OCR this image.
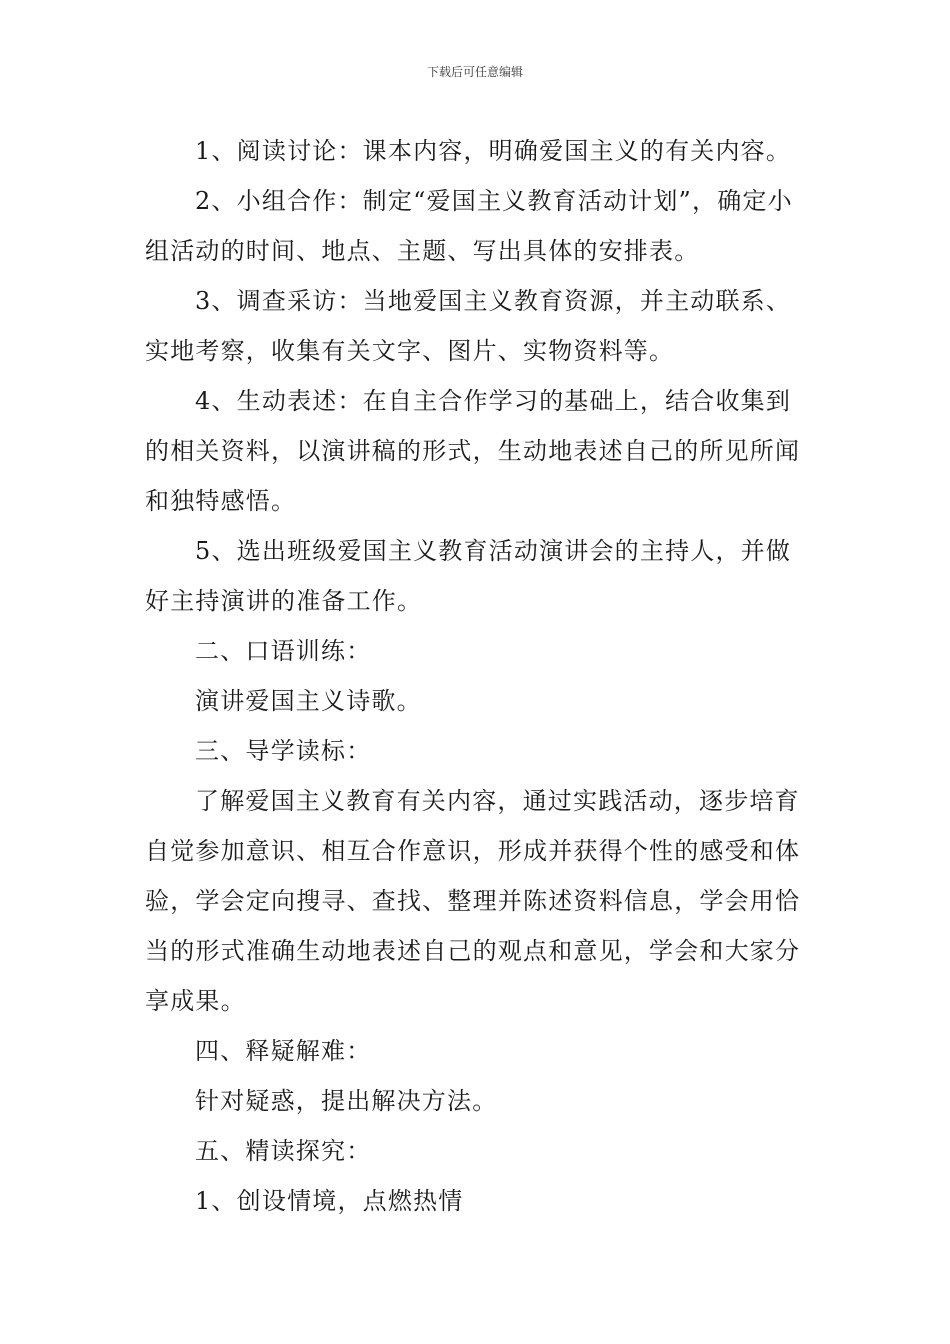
下载后可任意编辑

1、阅读讨论：课本内容，明确爱国主义的有关内容。

2、小组合作：制定“爱国主义教育活动计划”，确定小组活动的时间、地点、主题、写出具体的安排表。

3、调查采访：当地爱国主义教育资源，并主动联系、实地考察，收集有关文字、图片、实物资料等。

4、生动表述：在自主合作学习的基础上，结合收集到的相关资料，以演讲稿的形式，生动地表述自己的所见所闻和独特感悟。

5、选出班级爱国主义教育活动演讲会的主持人，并做好主持演讲的准备工作。

二、口语训练：

演讲爱国主义诗歌。

三、导学读标：

了解爱国主义教育有关内容，通过实践活动，逐步培育自觉参加意识、相互合作意识，形成并获得个性的感受和体验，学会定向搜寻、查找、整理并陈述资料信息，学会用恰当的形式准确生动地表述自己的观点和意见，学会和大家分享成果。

四、释疑解难：

针对疑惑，提出解决方法。

五、精读探究：

1、创设情境，点燃热情
